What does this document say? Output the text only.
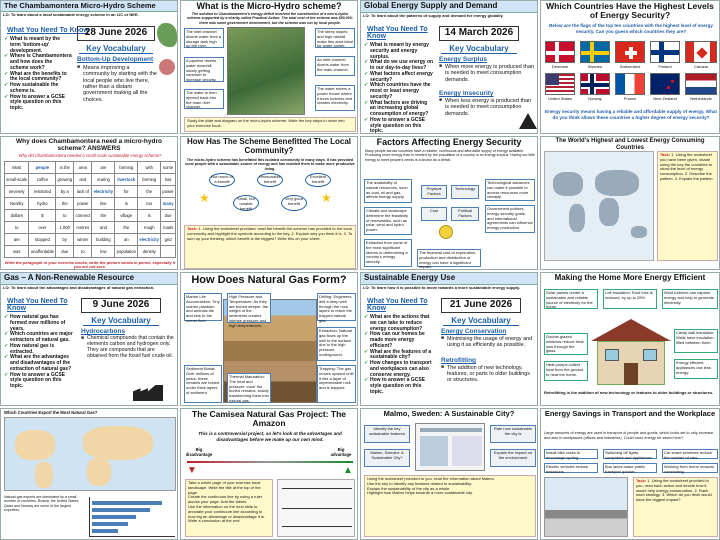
The Chambamontera Micro-Hydro Scheme
LO: To learn about a local sustainable energy scheme in an LIC or NEE.
What You Need To Know
✓ What is meant by the term 'bottom-up' development.
✓ Where is Chambamontera and how does the scheme work?
✓ What are the benefits to the local community?
✓ How sustainable the scheme is.
✓ How to answer a GCSE style question on this topic.
28 June 2026
Key Vocabulary
Bottom-Up Development
■ Means improving a community by starting with the local people who live there, rather than a distant government making all the choices.
What is the Micro-Hydro scheme?
The solution to Chambamontera's energy deficit involved the construction of a micro-hydro scheme supported by a charity called Practical Action. The total cost of the scheme was $50,000; there was some government involvement, but the scheme was run by local people.
The inlet channel diverts water from a storage tank high up the river.
The steep slopes and high rainfall make this area ideal for water power.
A pipeline diverts water downhill, slowly getting narrower to increase velocity.
An inlet channel diverts water from the main channel.
The water is then ejected back into the main river channel.
The water enters a power house where it turns turbines and creates electricity.
Study the slide and diagram on the micro-hydro scheme. Write the key steps in order into your exercise book.
Global Energy Supply and Demand
LO: To learn about the patterns of supply and demand for energy globally.
What You Need To Know
✓ What is meant by energy security and energy surplus.
✓ What do we use energy on in our day-to-day lives?
✓ What factors affect energy security?
✓ Which countries have the most or least energy security?
✓ What factors are driving an increasing global consumption of energy?
✓ How to answer a GCSE style question on this topic.
14 March 2026
Key Vocabulary
Energy Surplus
■ When more energy is produced than is needed to meet consumption demands.
Energy Insecurity
■ When less energy is produced than is needed to meet consumption demands.
Which Countries Have the Highest Levels of Energy Security?
Below are the flags of the top ten countries with the highest level of energy security. Can you guess which countries they are?
Denmark	Sweden	Switzerland	Finland	Canada
United States	Norway	France	New Zealand	Netherlands
Energy security means having a reliable and affordable supply of energy. What do you think allows these countries a higher degree of energy security?
Why does Chambamontera need a micro-hydro scheme? ANSWERS
Why did Chambamontera needed a small-scale sustainable energy scheme?
Most	people	in the	area	are	farming	with	some
small-scale	coffee	growing	and	rearing	livestock	farming	has
severely	restricted	by a	lack of	electricity	for	the	power
Nearby	hydro	the	power	line	is	too	many
dollars	$	to	connect	the	village	is	due
to	over	1,000	metres	and	the	rough	roads
are	stopped	by	winter	building	an	electricity	grid
was	unaffordable	due	to	low	population	density	
Write the paragraph in your exercise books, write the picture words in pencil, especially if you are not sure.
How Has The Scheme Benefitted The Local Community?
The micro-hydro scheme has benefitted this isolated community in many ways. It has provided local people with a sustainable source of energy and has enabled them to make more productive living.
Not much of a benefit
Reasonable benefit
Excellent benefit
Small, but notable benefit
Very good benefit
★	★
Task: 1. Using the worksheet provided, read the benefit the scheme has provided to the local community and highlight the symbols according to the key. 2. Explain why you think it is. 3. To sum up your thinking, which benefit is the biggest? Write this on your sheet.
Factors Affecting Energy Security
Many people across countries have a reliable, continuous and affordable supply of energy available. Producing more energy than is needed by the population of a country is an energy surplus. Having too little energy to meet people's needs is a known as a deficit.
The availability of natural resources, such as coal, oil and gas, affects energy supply.
Climate and landscape determine the feasibility of renewables, such as solar, wind and hydro power.
Technological advances can make it possible to access resources more cheaply.
Extracted from some of the most significant factors in determining a country's energy security.
The financial cost of exploration, production and distribution of energy can have a significant impact.
Government policies, energy security goals, and international agreements can influence energy production.
Physical Factors
Technology
Political Factors
Cost
The World's Highest and Lowest Energy Consuming Countries
Task: 1. Using the worksheet you have been given, shade using the key the countries to show the level of energy consumption. 2. Describe the pattern. 3. Explain the pattern.
Gas – A Non-Renewable Resource
LO: To learn about the advantages and disadvantages of natural gas extraction.
What You Need To Know
✓ How natural gas has formed over millions of years.
✓ Which countries are major extractors of natural gas.
✓ How natural gas is extracted.
✓ What are the advantages and disadvantages of the extraction of natural gas?
✓ How to answer a GCSE style question on this topic.
9 June 2026
Key Vocabulary
Hydrocarbons
■ Chemical compounds that contain the elements carbon and hydrogen only. They are compounds that are obtained from the fossil fuel crude oil.
How Does Natural Gas Form?
Marine Life Accumulation: Tiny marine plankton and animals die and sink to the ocean floor.
High Pressure and Temperature: As they are buried deeper, the weight of the sediments creates intense pressure and high temperatures.
Drilling: Engineers drill a deep well through the rock layers to reach the trapped natural gas.
Sediment Burial: Over millions of years, these remains are buried under thick layers of sediment.
Thermal Maturation: The heat and pressure 'cook' the buried remains, slowly transforming them into natural gas.
Extraction: Natural gas flows up the well to the surface due to the high pressure underground.
Trapping: The gas moves upward until it hits a layer of impermeable rock and is trapped.
Sustainable Energy Use
LO: To learn how it is possible to move towards a more sustainable energy supply.
What You Need To Know
✓ What are the actions that we can take to reduce energy consumption?
✓ How can our homes be made more energy efficient?
✓ What are the features of a sustainable city?
✓ How changes to transport and workplaces can also conserve energy.
✓ How to answer a GCSE style question on this topic.
21 June 2026
Key Vocabulary
Energy Conservation
■ Minimising the usage of energy and using it as efficiently as possible.
Retrofitting
■ The addition of new technology, features, or parts to older buildings or structures.
Making the Home More Energy Efficient
Solar panels create a sustainable and reliable source of electricity for the home.
Loft insulation: Roof loss is reduced, by up to 25%.
Wind turbines can capture energy and help to generate electricity.
Double-glazed windows reduce heat loss through the glass.
Cavity wall insulation: Walls have insulation filled between them.
Energy efficient appliances use less energy.
Heat pumps collect heat from the ground to heat the home.
Retrofitting is the addition of new technology or features to older buildings or structures.
Which Countries Export the Most Natural Gas?
Natural gas exports are dominated by a small number of countries. Russia, the United States, Qatar and Norway are some of the largest exporters.
The Camisea Natural Gas Project: The Amazon
This is a controversial project, so let's look at the advantages and disadvantages before we make up our own mind.
Big disadvantage
Big advantage
▼	▲
Take a whole page of your exercise book landscape. Write the title at the top of the page.
Create the continuum line by using a ruler across your page. Add the labels.
Use the information on the next slide to annotate your continuum line according to how big an advantage or disadvantage it is.
Write a conclusion at the end.
Malmo, Sweden: A Sustainable City?
Identify the key sustainable features
Rate how sustainable the city is
Explain the impact on the environment
Malmo, Sweden: A Sustainable City?
Using the worksheet provided to you, read the information about Malmo.
Use the key to identify any features related to sustainability.
Explain the sustainability of the city as a whole.
Highlight how Malmo helps towards a more sustainable city.
Energy Savings in Transport and the Workplace
Large amounts of energy are used in transport of people and goods, which looks set to only increase, and also in workplaces (offices and industries). Could more energy be saved here?
Install bike racks to encourage cycling.
Switching off lights, computers and appliances.
Car share schemes reduce the number of cars.
Electric vehicles reduce emissions.
Bus lanes make public transport quicker.
Working from home reduces commuting.
Task: 1. Using the worksheet provided to you, read each action and decide how it would help energy conservation. 2. Rank each strategy. 3. Which do you think would have the biggest impact?
